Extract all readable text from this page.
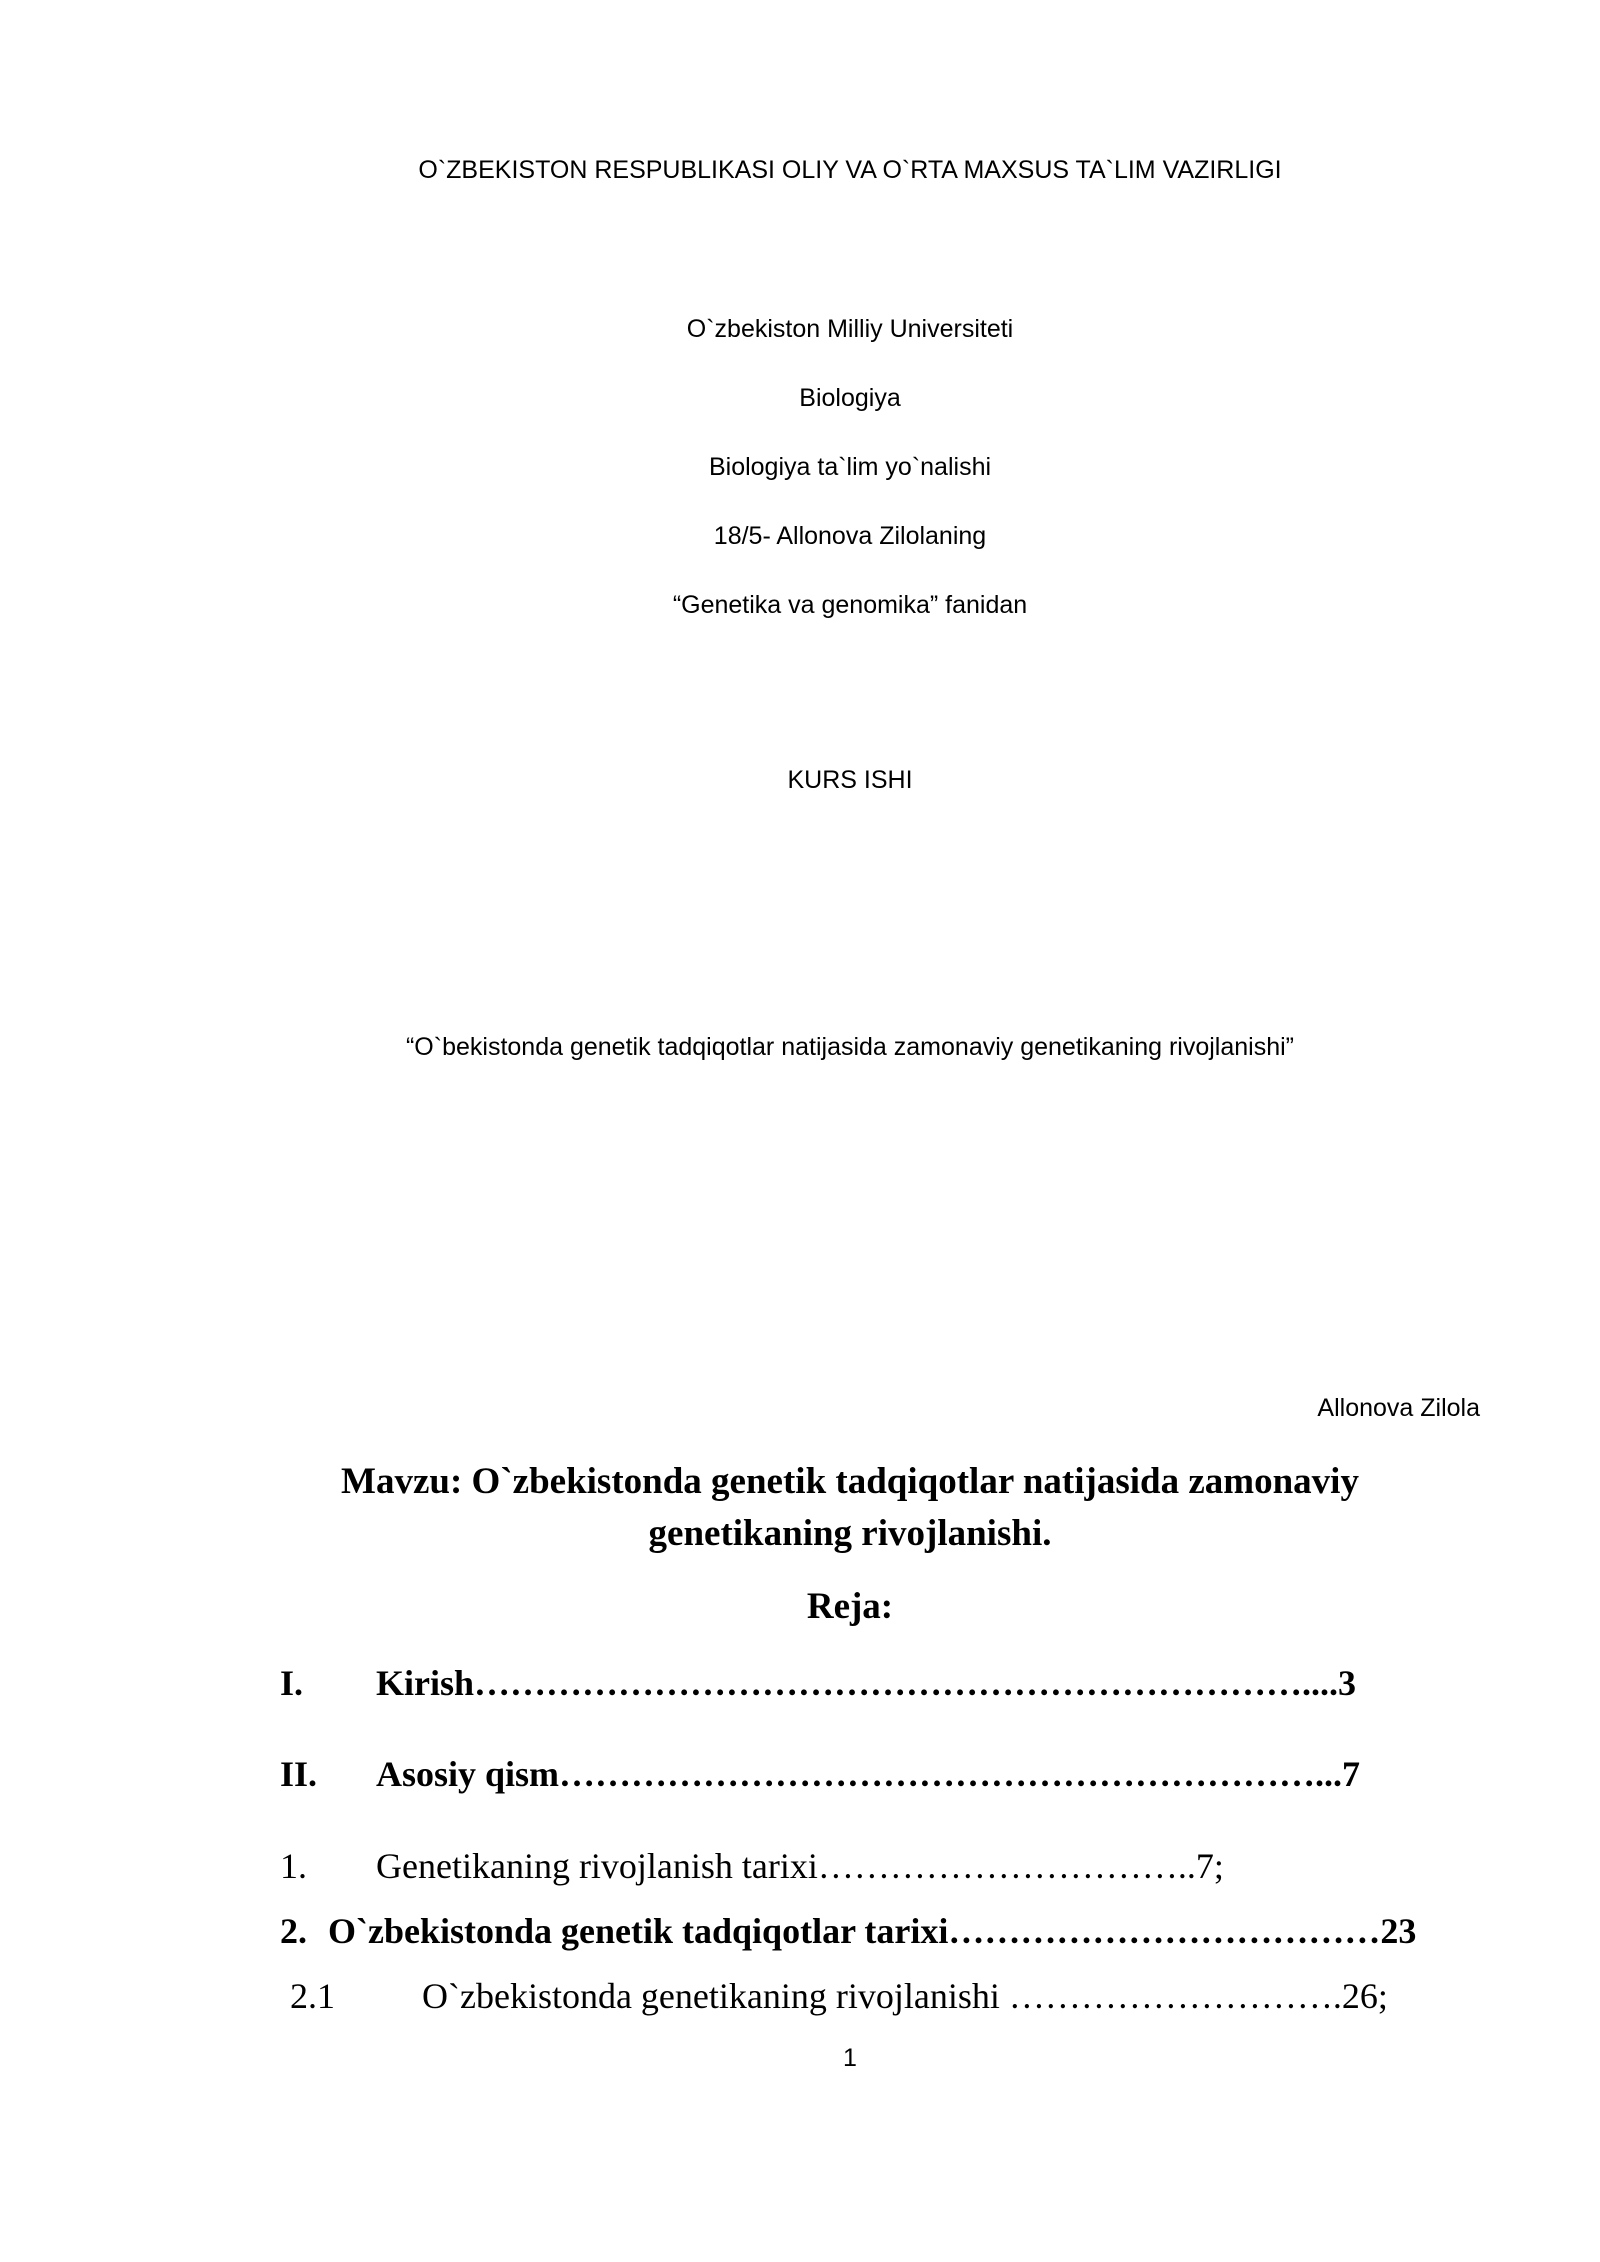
O`ZBEKISTON RESPUBLIKASI OLIY VA O`RTA MAXSUS TA`LIM VAZIRLIGI
O`zbekiston Milliy Universiteti
Biologiya
Biologiya ta`lim yo`nalishi
18/5- Allonova Zilolaning
“Genetika va genomika” fanidan
KURS ISHI
“O`bekistonda genetik tadqiqotlar natijasida zamonaviy genetikaning rivojlanishi”
Allonova Zilola
Mavzu: O`zbekistonda genetik tadqiqotlar natijasida zamonaviy genetikaning rivojlanishi.
Reja:
I. Kirish……………………………………………………………....3
II. Asosiy qism………………………………………………………...7
1. Genetikaning rivojlanish tarixi…………………………..7;
2. O`zbekistonda genetik tadqiqotlar tarixi………………………………23
2.1 O`zbekistonda genetikaning rivojlanishi ……………………….26;
1
